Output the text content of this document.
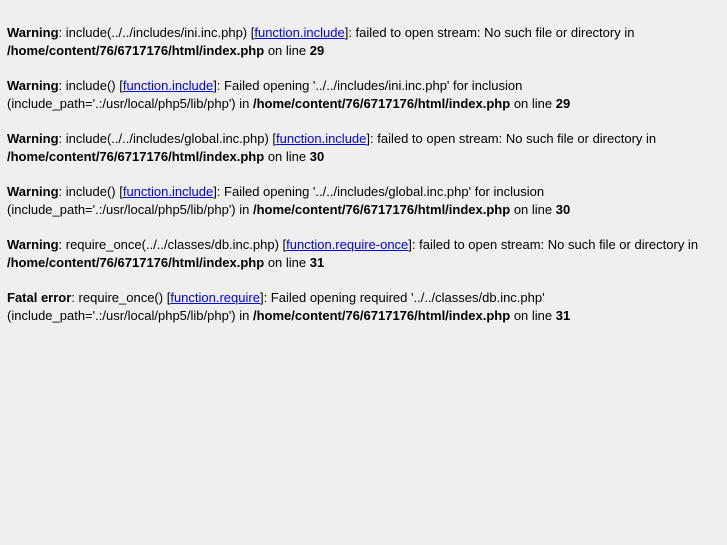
Warning: include(../../includes/ini.inc.php) [function.include]: failed to open stream: No such file or directory in /home/content/76/6717176/html/index.php on line 29
Warning: include() [function.include]: Failed opening '../../includes/ini.inc.php' for inclusion (include_path='.:/usr/local/php5/lib/php') in /home/content/76/6717176/html/index.php on line 29
Warning: include(../../includes/global.inc.php) [function.include]: failed to open stream: No such file or directory in /home/content/76/6717176/html/index.php on line 30
Warning: include() [function.include]: Failed opening '../../includes/global.inc.php' for inclusion (include_path='.:/usr/local/php5/lib/php') in /home/content/76/6717176/html/index.php on line 30
Warning: require_once(../../classes/db.inc.php) [function.require-once]: failed to open stream: No such file or directory in /home/content/76/6717176/html/index.php on line 31
Fatal error: require_once() [function.require]: Failed opening required '../../classes/db.inc.php' (include_path='.:/usr/local/php5/lib/php') in /home/content/76/6717176/html/index.php on line 31
